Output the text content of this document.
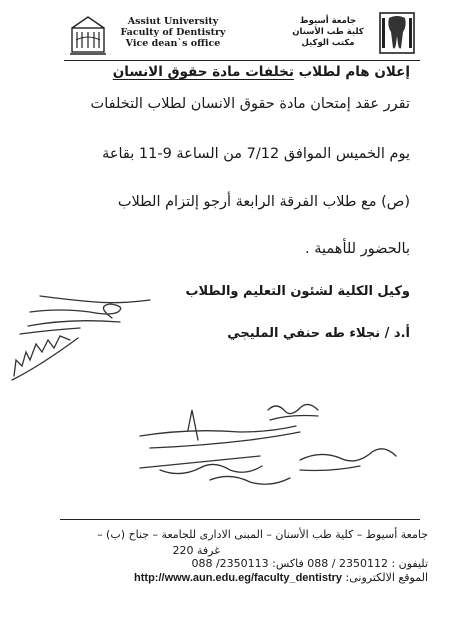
Assiut University
Faculty of Dentistry
Vice dean`s office
جامعة أسيوط
كلية طب الأسنان
مكتب الوكيل
إعلان هام لطلاب تخلفات مادة حقوق الانسان
تقرر عقد إمتحان مادة حقوق الانسان لطلاب التخلفات
يوم الخميس الموافق 7/12 من الساعة 9-11 بقاعة
(ص) مع طلاب الفرقة الرابعة أرجو إلتزام الطلاب
بالحضور للأهمية .
وكيل الكلية لشئون التعليم والطلاب
أ.د / نجلاء طه حنفي المليجي
جامعة أسيوط – كلية طب الأسنان – المبنى الادارى للجامعة – جناح (ب) –
غرفة 220
تليفون : 2350112 / 088 فاكس: 2350113/ 088
الموقع الالكترونى: http://www.aun.edu.eg/faculty_dentistry
